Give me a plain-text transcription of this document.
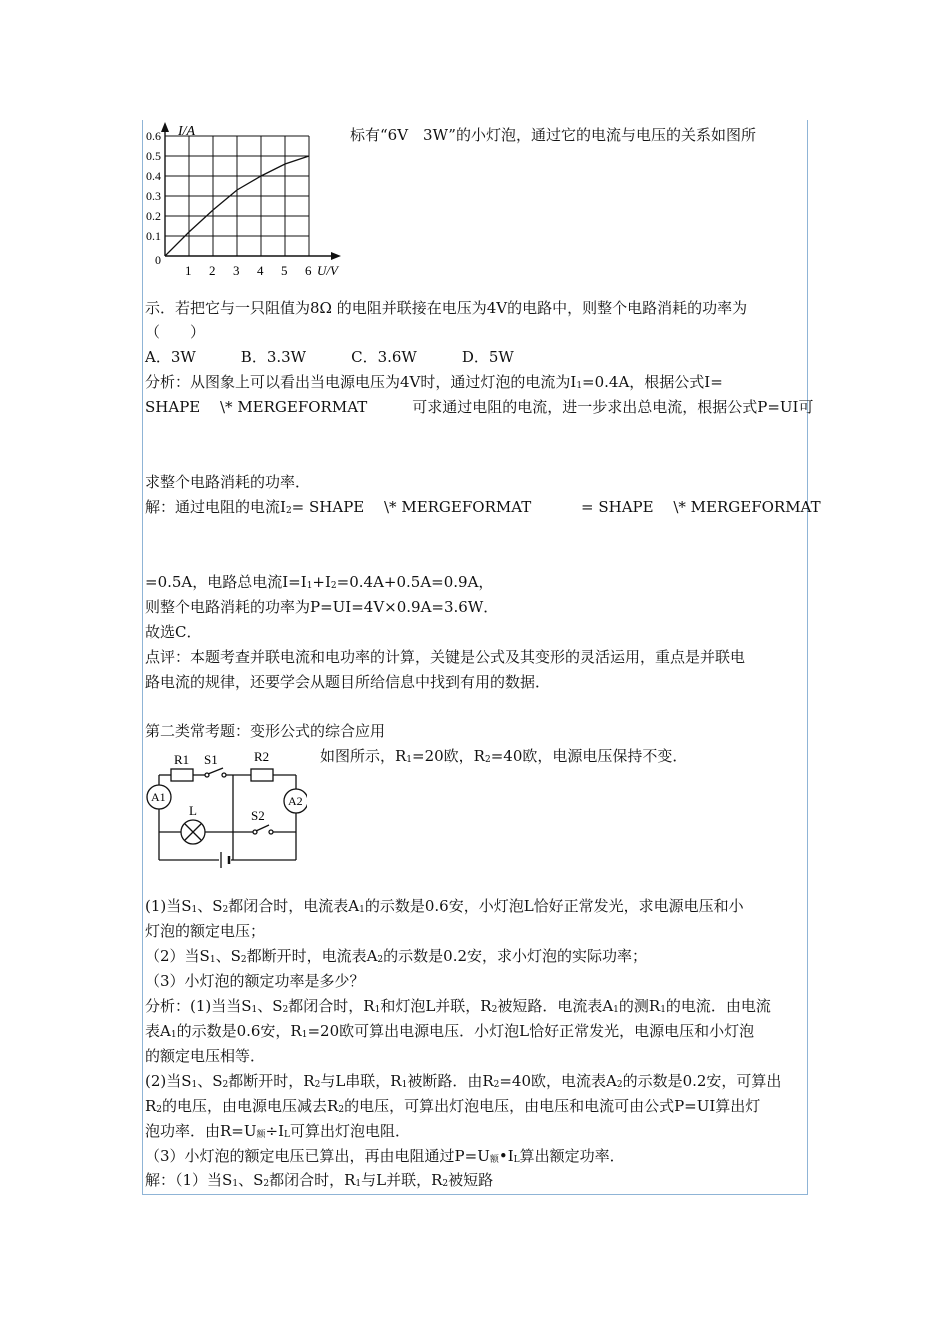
I/A
U/V
0
0.1
0.2
0.3
0.4
0.5
0.6
1 2 3 4 5 6
标有“6V　3W”的小灯泡，通过它的电流与电压的关系如图所
示．若把它与一只阻值为8Ω 的电阻并联接在电压为4V的电路中，则整个电路消耗的功率为
（　　）
A．3W　　　B．3.3W　　　C．3.6W　　　D．5W
分析：从图象上可以看出当电源电压为4V时，通过灯泡的电流为$I_1=0.4A$，根据公式I=
SHAPE　 \* MERGEFORMAT　　　可求通过电阻的电流，进一步求出总电流，根据公式P=UI可
求整个电路消耗的功率．
解：通过电阻的电流$I_2=$ SHAPE　 \* MERGEFORMAT　　　 = SHAPE　 \* MERGEFORMAT
=0.5A，电路总电流$I=I_1+I_2=0.4A+0.5A=0.9A$，
则整个电路消耗的功率为P=UI=4V×0.9A=3.6W．
故选C．
点评：本题考查并联电流和电功率的计算，关键是公式及其变形的灵活运用，重点是并联电
路电流的规律，还要学会从题目所给信息中找到有用的数据．
第二类常考题：变形公式的综合应用
R1 S1	R2
A1	A2
L	S2
如图所示，$R_1=20$欧，$R_2=40$欧，电源电压保持不变．
(1)当$S_1$、$S_2$都闭合时，电流表$A_1$的示数是0.6安，小灯泡L恰好正常发光，求电源电压和小
灯泡的额定电压；
（2）当$S_1$、$S_2$都断开时，电流表$A_2$的示数是0.2安，求小灯泡的实际功率；
（3）小灯泡的额定功率是多少？
分析：(1)当当$S_1$、$S_2$都闭合时，$R_1$和灯泡L并联，$R_2$被短路．电流表$A_1$的测$R_1$的电流．由电流
表$A_1$的示数是0.6安，$R_1=20$欧可算出电源电压．小灯泡L恰好正常发光，电源电压和小灯泡
的额定电压相等．
(2)当$S_1$、$S_2$都断开时，$R_2$与L串联，$R_1$被断路．由$R_2=40$欧，电流表$A_2$的示数是0.2安，可算出
$R_2$的电压，由电源电压减去$R_2$的电压，可算出灯泡电压，由电压和电流可由公式P=UI算出灯
泡功率．由$R=U_额\div I_L$可算出灯泡电阻．
（3）小灯泡的额定电压已算出，再由电阻通过$P=U_额•I_L$算出额定功率．
解：（1）当$S_1$、$S_2$都闭合时，$R_1$与L并联，$R_2$被短路
